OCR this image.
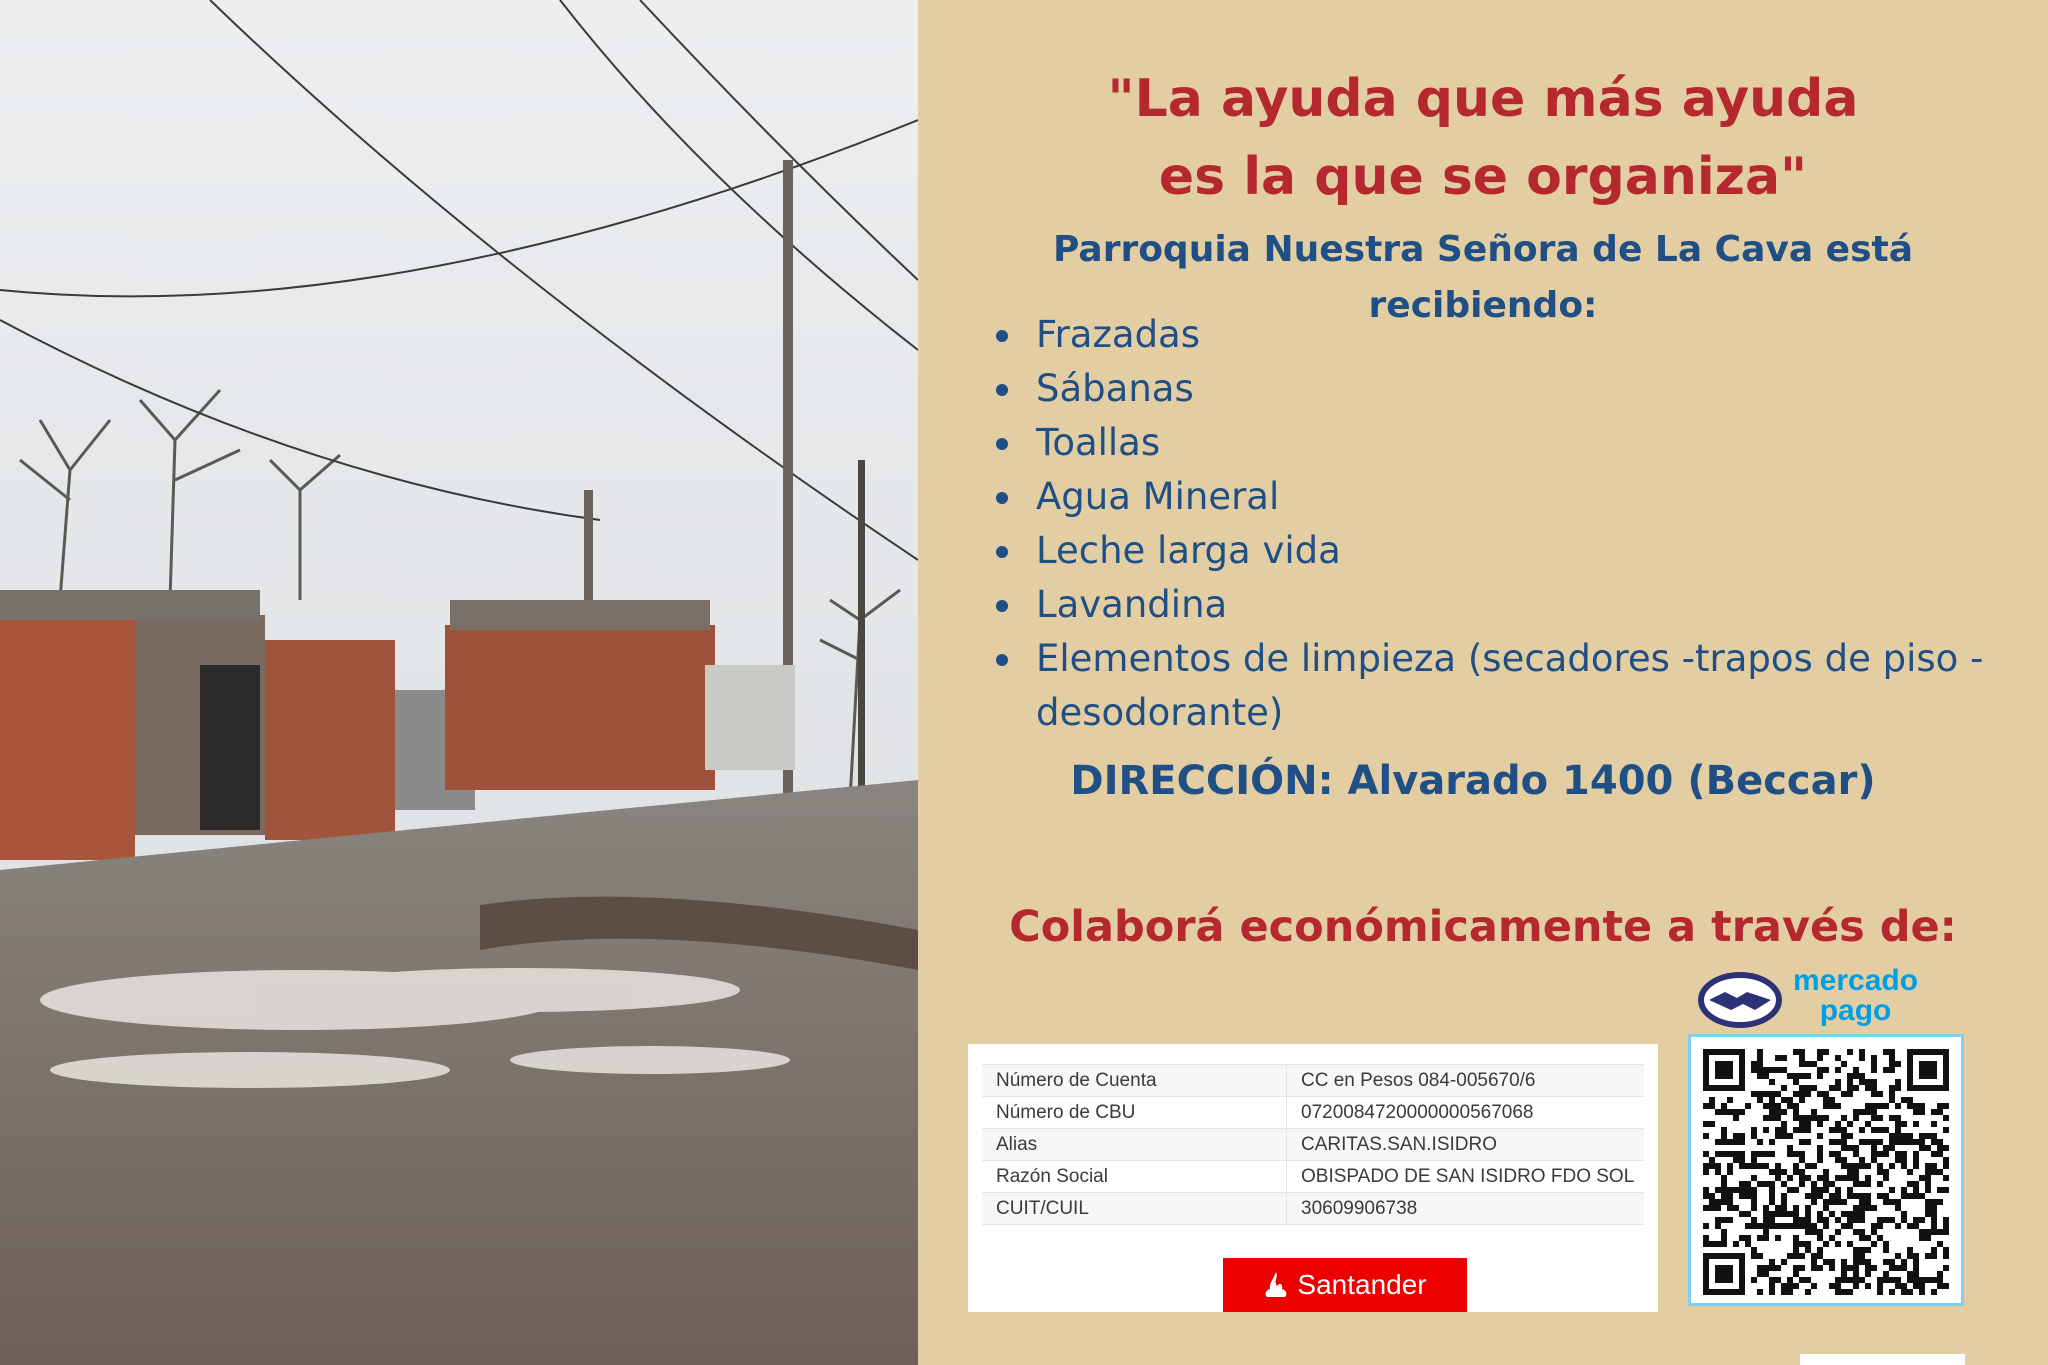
"La ayuda que más ayuda
es la que se organiza"
Parroquia Nuestra Señora de La Cava está recibiendo:
Frazadas
Sábanas
Toallas
Agua Mineral
Leche larga vida
Lavandina
Elementos de limpieza (secadores -trapos de piso - desodorante)
DIRECCIÓN: Alvarado 1400 (Beccar)
Colaborá económicamente a través de:
Número de Cuenta	CC en Pesos 084-005670/6
Número de CBU	0720084720000000567068
Alias	CARITAS.SAN.ISIDRO
Razón Social	OBISPADO DE SAN ISIDRO FDO SOL
CUIT/CUIL	30609906738
Santander
mercado
pago
